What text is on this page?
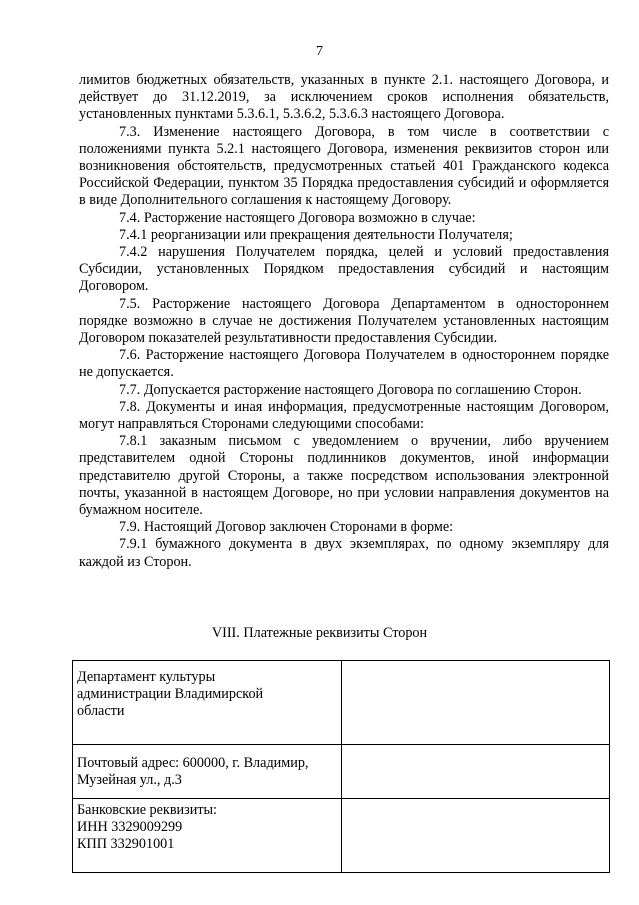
7

лимитов бюджетных обязательств, указанных в пункте 2.1. настоящего Договора, и действует до 31.12.2019, за исключением сроков исполнения обязательств, установленных пунктами 5.3.6.1, 5.3.6.2, 5.3.6.3 настоящего Договора.

7.3. Изменение настоящего Договора, в том числе в соответствии с положениями пункта 5.2.1 настоящего Договора, изменения реквизитов сторон или возникновения обстоятельств, предусмотренных статьей 401 Гражданского кодекса Российской Федерации, пунктом 35 Порядка предоставления субсидий и оформляется в виде Дополнительного соглашения к настоящему Договору.

7.4. Расторжение настоящего Договора возможно в случае:

7.4.1 реорганизации или прекращения деятельности Получателя;

7.4.2 нарушения Получателем порядка, целей и условий предоставления Субсидии, установленных Порядком предоставления субсидий и настоящим Договором.

7.5. Расторжение настоящего Договора Департаментом в одностороннем порядке возможно в случае не достижения Получателем установленных настоящим Договором показателей результативности предоставления Субсидии.

7.6. Расторжение настоящего Договора Получателем в одностороннем порядке не допускается.

7.7. Допускается расторжение настоящего Договора по соглашению Сторон.

7.8. Документы и иная информация, предусмотренные настоящим Договором, могут направляться Сторонами следующими способами:

7.8.1 заказным письмом с уведомлением о вручении, либо вручением представителем одной Стороны подлинников документов, иной информации представителю другой Стороны, а также посредством использования электронной почты, указанной в настоящем Договоре, но при условии направления документов на бумажном носителе.

7.9. Настоящий Договор заключен Сторонами в форме:

7.9.1 бумажного документа в двух экземплярах, по одному экземпляру для каждой из Сторон.

VIII. Платежные реквизиты Сторон
Департамент культуры
администрации Владимирской
области	

Почтовый адрес: 600000, г. Владимир,
Музейная ул., д.3	

Банковские реквизиты:
ИНН 3329009299
КПП 332901001	
